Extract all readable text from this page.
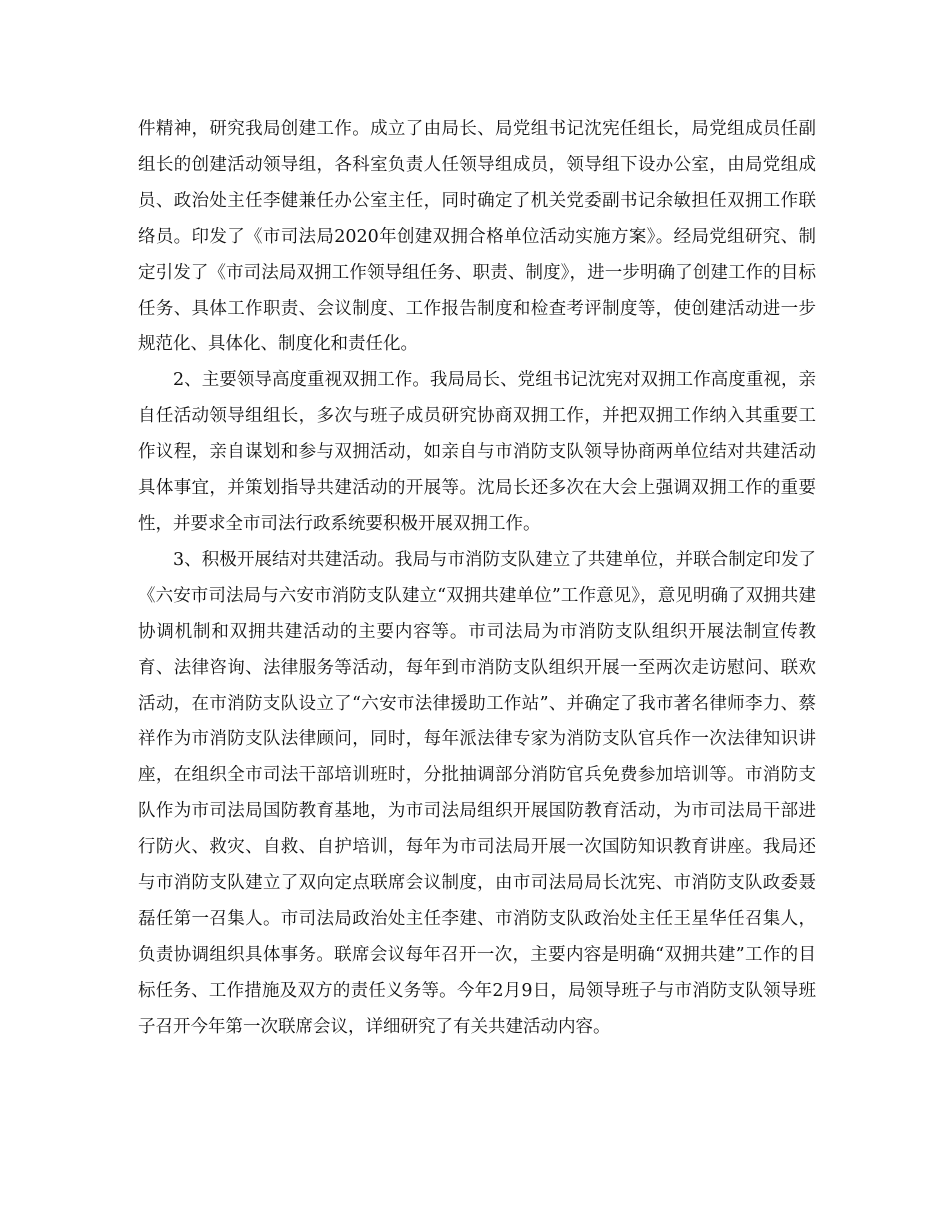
件精神，研究我局创建工作。成立了由局长、局党组书记沈宪任组长，局党组成员任副组长的创建活动领导组，各科室负责人任领导组成员，领导组下设办公室，由局党组成员、政治处主任李健兼任办公室主任，同时确定了机关党委副书记余敏担任双拥工作联络员。印发了《市司法局2020年创建双拥合格单位活动实施方案》。经局党组研究、制定引发了《市司法局双拥工作领导组任务、职责、制度》，进一步明确了创建工作的目标任务、具体工作职责、会议制度、工作报告制度和检查考评制度等，使创建活动进一步规范化、具体化、制度化和责任化。

2、主要领导高度重视双拥工作。我局局长、党组书记沈宪对双拥工作高度重视，亲自任活动领导组组长，多次与班子成员研究协商双拥工作，并把双拥工作纳入其重要工作议程，亲自谋划和参与双拥活动，如亲自与市消防支队领导协商两单位结对共建活动具体事宜，并策划指导共建活动的开展等。沈局长还多次在大会上强调双拥工作的重要性，并要求全市司法行政系统要积极开展双拥工作。

3、积极开展结对共建活动。我局与市消防支队建立了共建单位，并联合制定印发了《六安市司法局与六安市消防支队建立“双拥共建单位”工作意见》，意见明确了双拥共建协调机制和双拥共建活动的主要内容等。市司法局为市消防支队组织开展法制宣传教育、法律咨询、法律服务等活动，每年到市消防支队组织开展一至两次走访慰问、联欢活动，在市消防支队设立了“六安市法律援助工作站”、并确定了我市著名律师李力、蔡祥作为市消防支队法律顾问，同时，每年派法律专家为消防支队官兵作一次法律知识讲座，在组织全市司法干部培训班时，分批抽调部分消防官兵免费参加培训等。市消防支队作为市司法局国防教育基地，为市司法局组织开展国防教育活动，为市司法局干部进行防火、救灾、自救、自护培训，每年为市司法局开展一次国防知识教育讲座。我局还与市消防支队建立了双向定点联席会议制度，由市司法局局长沈宪、市消防支队政委聂磊任第一召集人。市司法局政治处主任李建、市消防支队政治处主任王星华任召集人，负责协调组织具体事务。联席会议每年召开一次，主要内容是明确“双拥共建”工作的目标任务、工作措施及双方的责任义务等。今年2月9日，局领导班子与市消防支队领导班子召开今年第一次联席会议，详细研究了有关共建活动内容。
